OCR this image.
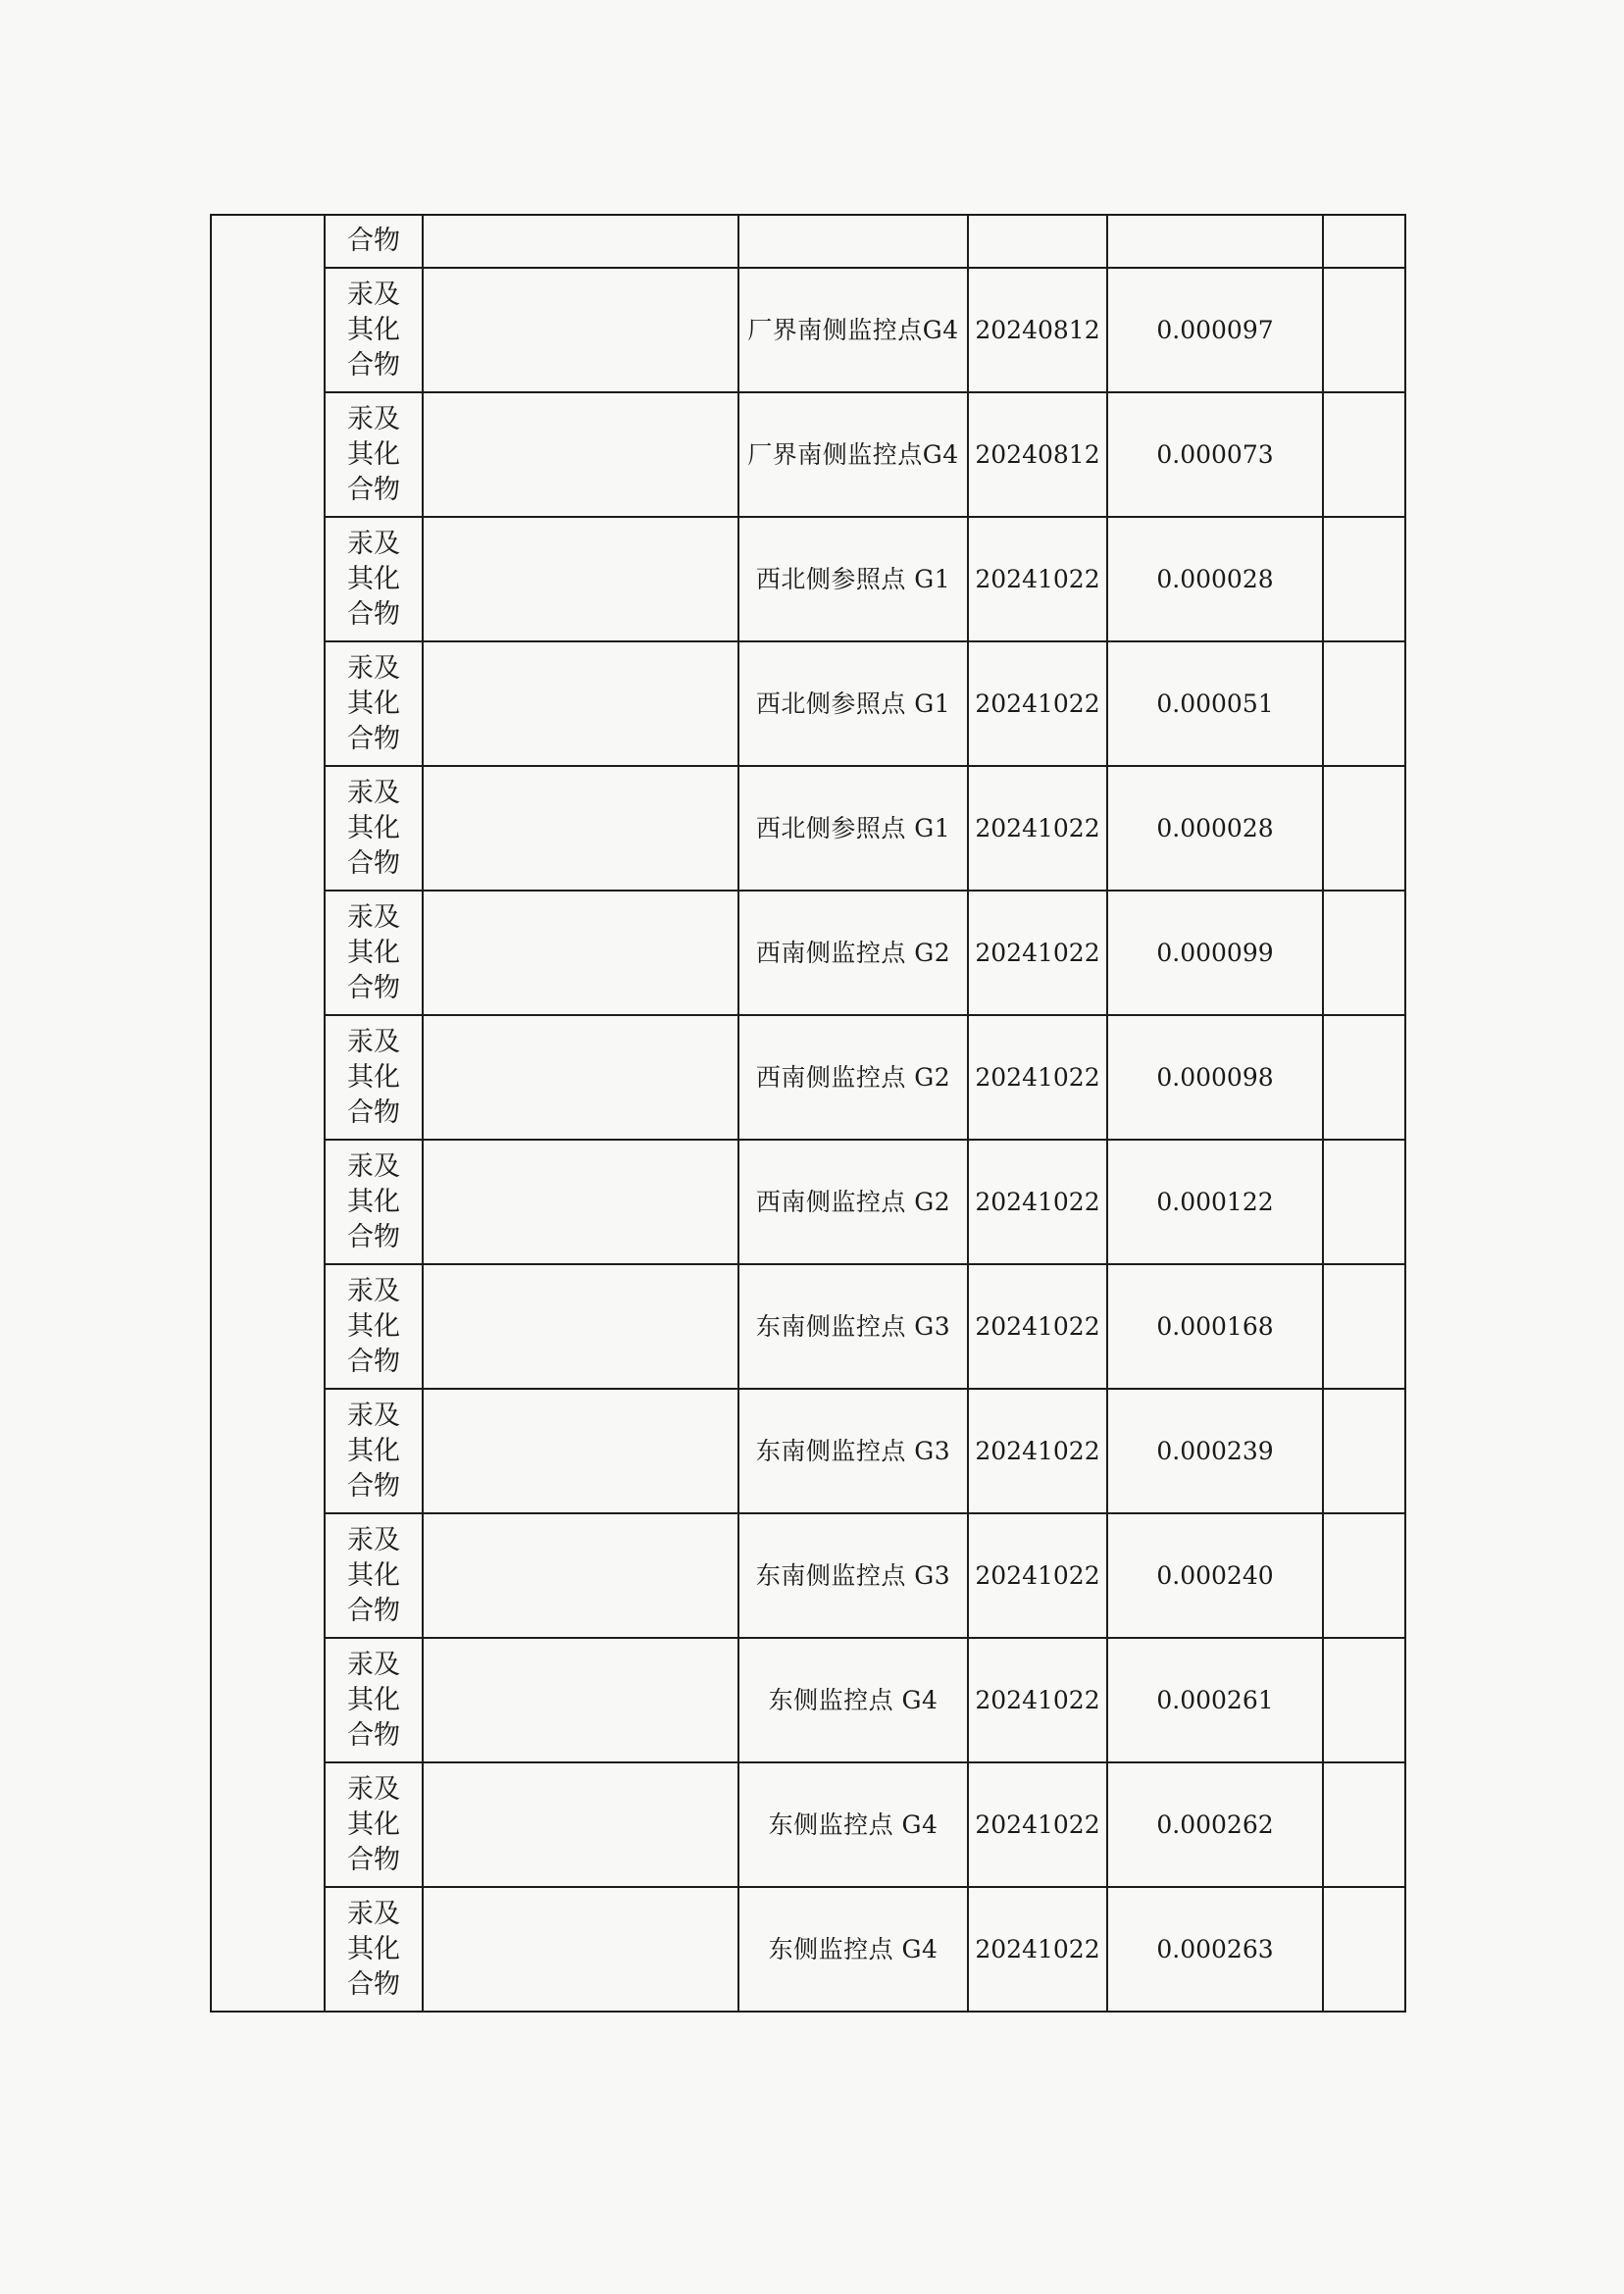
	合物					
	汞及其化合物		厂界南侧监控点G4	20240812	0.000097	
	汞及其化合物		厂界南侧监控点G4	20240812	0.000073	
	汞及其化合物		西北侧参照点 G1	20241022	0.000028	
	汞及其化合物		西北侧参照点 G1	20241022	0.000051	
	汞及其化合物		西北侧参照点 G1	20241022	0.000028	
	汞及其化合物		西南侧监控点 G2	20241022	0.000099	
	汞及其化合物		西南侧监控点 G2	20241022	0.000098	
	汞及其化合物		西南侧监控点 G2	20241022	0.000122	
	汞及其化合物		东南侧监控点 G3	20241022	0.000168	
	汞及其化合物		东南侧监控点 G3	20241022	0.000239	
	汞及其化合物		东南侧监控点 G3	20241022	0.000240	
	汞及其化合物		东侧监控点 G4	20241022	0.000261	
	汞及其化合物		东侧监控点 G4	20241022	0.000262	
	汞及其化合物		东侧监控点 G4	20241022	0.000263	
